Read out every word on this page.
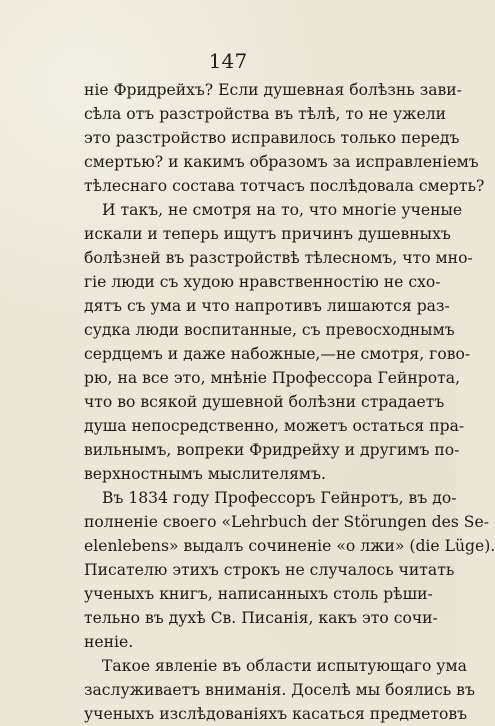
147
ніе Фридрейхъ? Если душевная болѣзнь зави-
сѣла отъ разстройства въ тѣлѣ, то не ужели
это разстройство исправилось только передъ
смертью? и какимъ образомъ за исправленіемъ
тѣлеснаго состава тотчасъ послѣдовала смерть?
И такъ, не смотря на то, что многіе ученые
искали и теперь ищутъ причинъ душевныхъ
болѣзней въ разстройствѣ тѣлесномъ, что мно-
гіе люди съ худою нравственностію не схо-
дятъ съ ума и что напротивъ лишаются раз-
судка люди воспитанные, съ превосходнымъ
сердцемъ и даже набожные,—не смотря, гово-
рю, на все это, мнѣніе Профессора Гейнрота,
что во всякой душевной болѣзни страдаетъ
душа непосредственно, можетъ остаться пра-
вильнымъ, вопреки Фридрейху и другимъ по-
верхностнымъ мыслителямъ.
Въ 1834 году Профессоръ Гейнротъ, въ до-
полненіе своего «Lehrbuch der Störungen des Se-
elenlebens» выдалъ сочиненіе «о лжи» (die Lüge).
Писателю этихъ строкъ не случалось читать
ученыхъ книгъ, написанныхъ столь рѣши-
тельно въ духѣ Св. Писанія, какъ это сочи-
неніе.
Такое явленіе въ области испытующаго ума
заслуживаетъ вниманія. Доселѣ мы боялись въ
ученыхъ изслѣдованіяхъ касаться предметовъ
